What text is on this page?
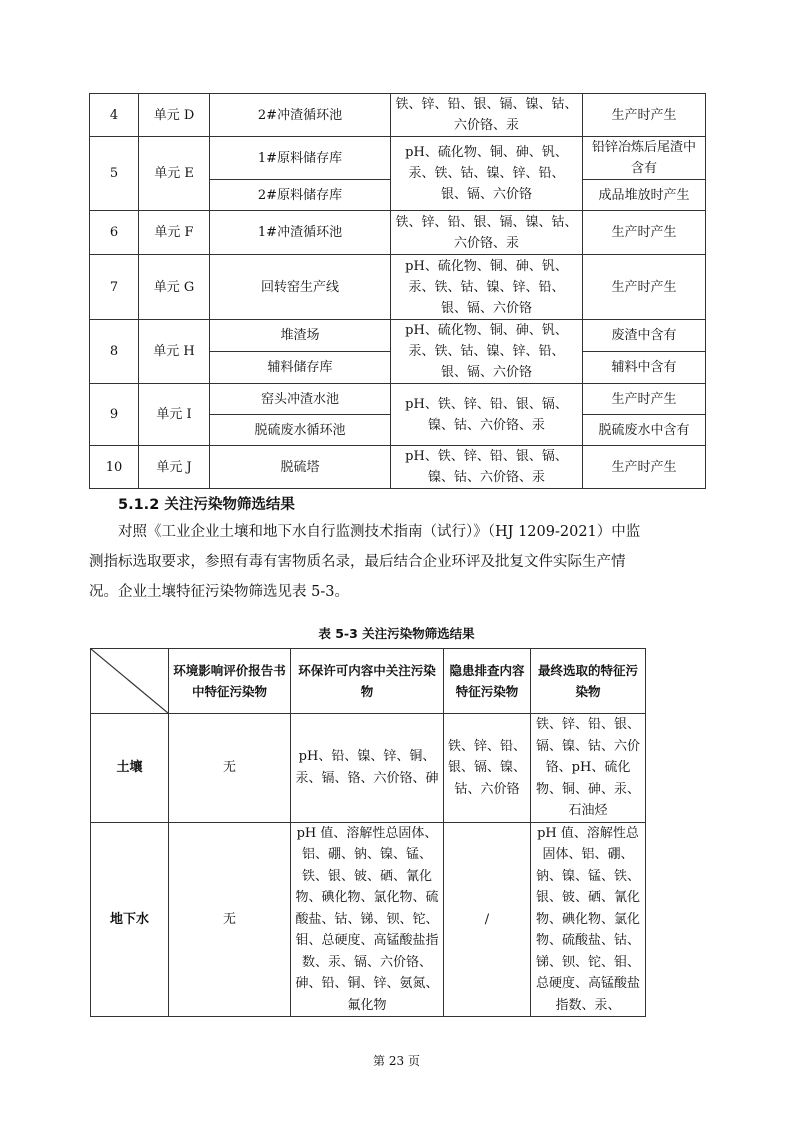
4	单元 D	2#冲渣循环池	铁、锌、铅、银、镉、镍、钴、六价铬、汞	生产时产生
5	单元 E	1#原料储存库	pH、硫化物、铜、砷、钒、汞、铁、钴、镍、锌、铅、 银、镉、六价铬	铅锌冶炼后尾渣中含有
		2#原料储存库		成品堆放时产生
6	单元 F	1#冲渣循环池	铁、锌、铅、银、镉、镍、钴、六价铬、汞	生产时产生
7	单元 G	回转窑生产线	pH、硫化物、铜、砷、钒、汞、铁、钴、镍、锌、铅、 银、镉、六价铬	生产时产生
8	单元 H	堆渣场	pH、硫化物、铜、砷、钒、汞、铁、钴、镍、锌、铅、 银、镉、六价铬	废渣中含有
		辅料储存库		辅料中含有
9	单元 I	窑头冲渣水池	pH、铁、锌、铅、银、镉、镍、钴、六价铬、汞	生产时产生
		脱硫废水循环池		脱硫废水中含有
10	单元 J	脱硫塔	pH、铁、锌、铅、银、镉、镍、钴、六价铬、汞	生产时产生
5.1.2 关注污染物筛选结果
对照《工业企业土壤和地下水自行监测技术指南（试行）》（HJ 1209-2021）中监
测指标选取要求，参照有毒有害物质名录，最后结合企业环评及批复文件实际生产情
况。企业土壤特征污染物筛选见表 5-3。
表 5-3 关注污染物筛选结果
	环境影响评价报告书中特征污染物	环保许可内容中关注污染物	隐患排查内容特征污染物	最终选取的特征污染物
土壤	无	pH、铅、镍、锌、铜、汞、镉、铬、六价铬、砷	铁、锌、铅、银、镉、镍、钴、六价铬	铁、锌、铅、银、镉、镍、钴、六价铬、pH、硫化物、铜、砷、汞、石油烃
地下水	无	pH 值、溶解性总固体、铝、硼、钠、镍、锰、铁、银、铍、硒、氰化物、碘化物、氯化物、硫酸盐、钴、锑、钡、铊、钼、总硬度、高锰酸盐指数、汞、镉、六价铬、砷、铅、铜、锌、氨氮、氟化物	/	pH 值、溶解性总固体、铝、硼、钠、镍、锰、铁、银、铍、硒、氰化物、碘化物、氯化物、硫酸盐、钴、锑、钡、铊、钼、总硬度、高锰酸盐指数、汞、
第 23 页
